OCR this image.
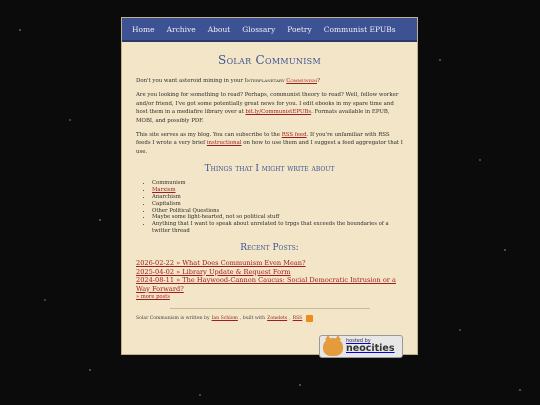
Home Archive About Glossary Poetry Communist EPUBs
Solar Communism

Don't you want asteroid mining in your Interplanetary Communism?

Are you looking for something to read? Perhaps, communist theory to read? Well, fellow worker and/or friend, I've got some potentially great news for you. I edit ebooks in my spare time and host them in a mediafire library over at bit.ly/CommunistEPUBs. Formats available in EPUB, MOBI, and possibly PDF.

This site serves as my blog. You can subscribe to the RSS feed. If you're unfamiliar with RSS feeds I wrote a very brief instructional on how to use them and I suggest a feed aggregator that I use.

Things that I might write about
• Communism
• Marxism
• Anarchism
• Capitalism
• Other Political Questions
• Maybe some light-hearted, not so political stuff
• Anything that I want to speak about unrelated to trpgs that exceeds the boundaries of a twitter thread
Recent Posts:
2026-02-22 » What Does Communism Even Mean?
2025-04-02 » Library Update & Request Form
2024-08-11 » The Haywood-Cannon Caucus: Social Democratic Intrusion or a Way Forward?
» more posts
Solar Communism is written by Ian Schlom , built with Zonelets , RSS
hosted by
neocities
